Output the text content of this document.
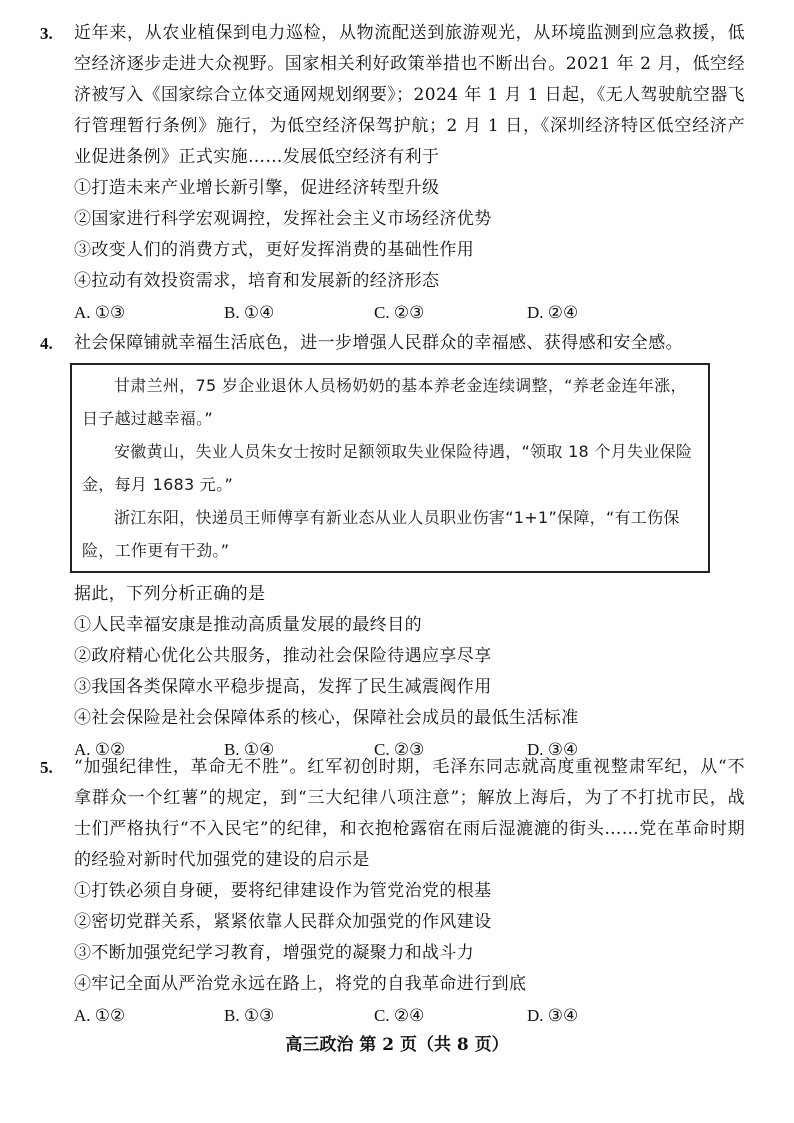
3. 近年来，从农业植保到电力巡检，从物流配送到旅游观光，从环境监测到应急救援，低空经济逐步走进大众视野。国家相关利好政策举措也不断出台。2021 年 2 月，低空经济被写入《国家综合立体交通网规划纲要》；2024 年 1 月 1 日起，《无人驾驶航空器飞行管理暂行条例》施行，为低空经济保驾护航；2 月 1 日，《深圳经济特区低空经济产业促进条例》正式实施……发展低空经济有利于
①打造未来产业增长新引擎，促进经济转型升级
②国家进行科学宏观调控，发挥社会主义市场经济优势
③改变人们的消费方式，更好发挥消费的基础性作用
④拉动有效投资需求，培育和发展新的经济形态
A. ①③	B. ①④	C. ②③	D. ②④
4. 社会保障铺就幸福生活底色，进一步增强人民群众的幸福感、获得感和安全感。

甘肃兰州，75 岁企业退休人员杨奶奶的基本养老金连续调整，“养老金连年涨，日子越过越幸福。”

安徽黄山，失业人员朱女士按时足额领取失业保险待遇，“领取 18 个月失业保险金，每月 1683 元。”

浙江东阳，快递员王师傅享有新业态从业人员职业伤害“1+1”保障，“有工伤保险，工作更有干劲。”

据此，下列分析正确的是
①人民幸福安康是推动高质量发展的最终目的
②政府精心优化公共服务，推动社会保险待遇应享尽享
③我国各类保障水平稳步提高，发挥了民生减震阀作用
④社会保险是社会保障体系的核心，保障社会成员的最低生活标准
A. ①②	B. ①④	C. ②③	D. ③④
5. “加强纪律性，革命无不胜”。红军初创时期，毛泽东同志就高度重视整肃军纪，从“不拿群众一个红薯”的规定，到“三大纪律八项注意”；解放上海后，为了不打扰市民，战士们严格执行“不入民宅”的纪律，和衣抱枪露宿在雨后湿漉漉的街头……党在革命时期的经验对新时代加强党的建设的启示是
①打铁必须自身硬，要将纪律建设作为管党治党的根基
②密切党群关系，紧紧依靠人民群众加强党的作风建设
③不断加强党纪学习教育，增强党的凝聚力和战斗力
④牢记全面从严治党永远在路上，将党的自我革命进行到底
A. ①②	B. ①③	C. ②④	D. ③④
高三政治 第 2 页（共 8 页）
